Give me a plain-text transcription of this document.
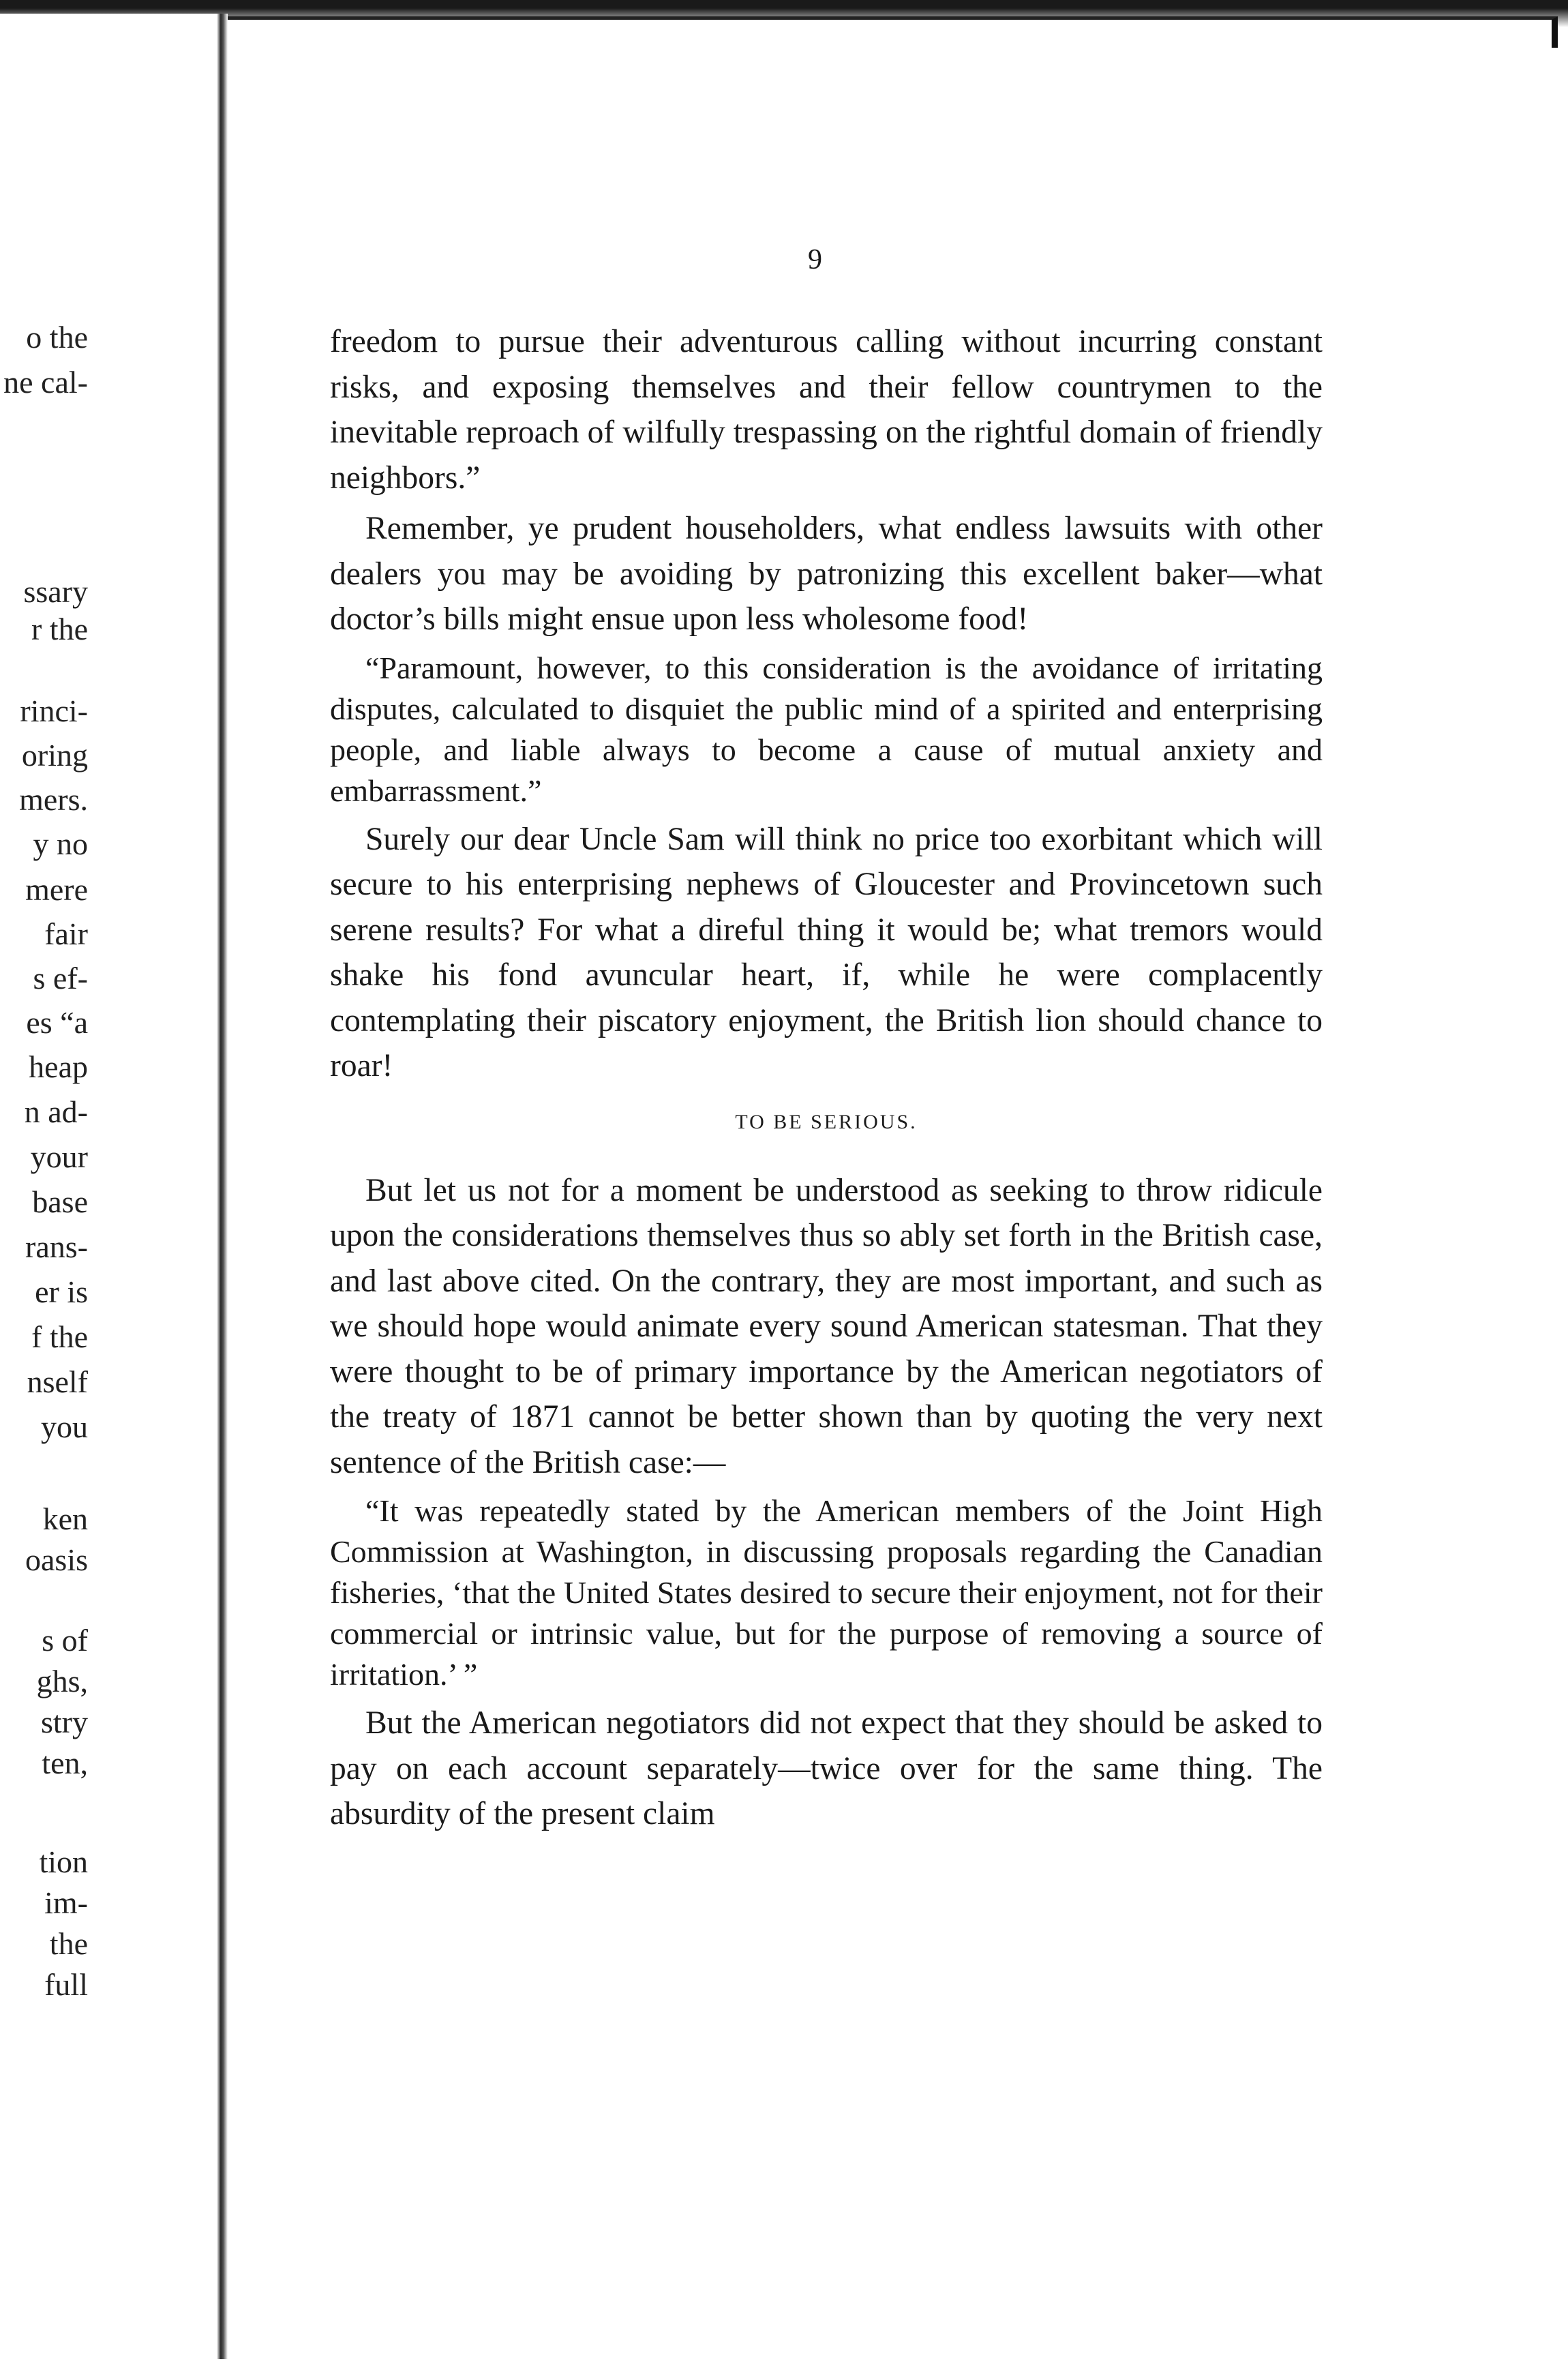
o the
ne cal-
ssary
r the
rinci-
oring
mers.
y no
mere
fair
s ef-
es “a
heap
n ad-
your
base
rans-
er is
f the
nself
you
ken
oasis
s of
ghs,
stry
ten,
tion
im-
the
full
9

freedom to pursue their adventurous calling without incurring constant risks, and exposing themselves and their fellow countrymen to the inevitable reproach of wilfully trespassing on the rightful domain of friendly neighbors.”

Remember, ye prudent householders, what endless lawsuits with other dealers you may be avoiding by patronizing this excellent baker—what doctor’s bills might ensue upon less wholesome food!

“Paramount, however, to this consideration is the avoidance of irritating disputes, calculated to disquiet the public mind of a spirited and enterprising people, and liable always to become a cause of mutual anxiety and embarrassment.”

Surely our dear Uncle Sam will think no price too exorbitant which will secure to his enterprising nephews of Gloucester and Provincetown such serene results? For what a direful thing it would be; what tremors would shake his fond avuncular heart, if, while he were complacently contemplating their piscatory enjoyment, the British lion should chance to roar!

TO BE SERIOUS.

But let us not for a moment be understood as seeking to throw ridicule upon the considerations themselves thus so ably set forth in the British case, and last above cited. On the contrary, they are most important, and such as we should hope would animate every sound American statesman. That they were thought to be of primary importance by the American negotiators of the treaty of 1871 cannot be better shown than by quoting the very next sentence of the British case:—

“It was repeatedly stated by the American members of the Joint High Commission at Washington, in discussing proposals regarding the Canadian fisheries, ‘that the United States desired to secure their enjoyment, not for their commercial or intrinsic value, but for the purpose of removing a source of irritation.’ ”

But the American negotiators did not expect that they should be asked to pay on each account separately—twice over for the same thing. The absurdity of the present claim
